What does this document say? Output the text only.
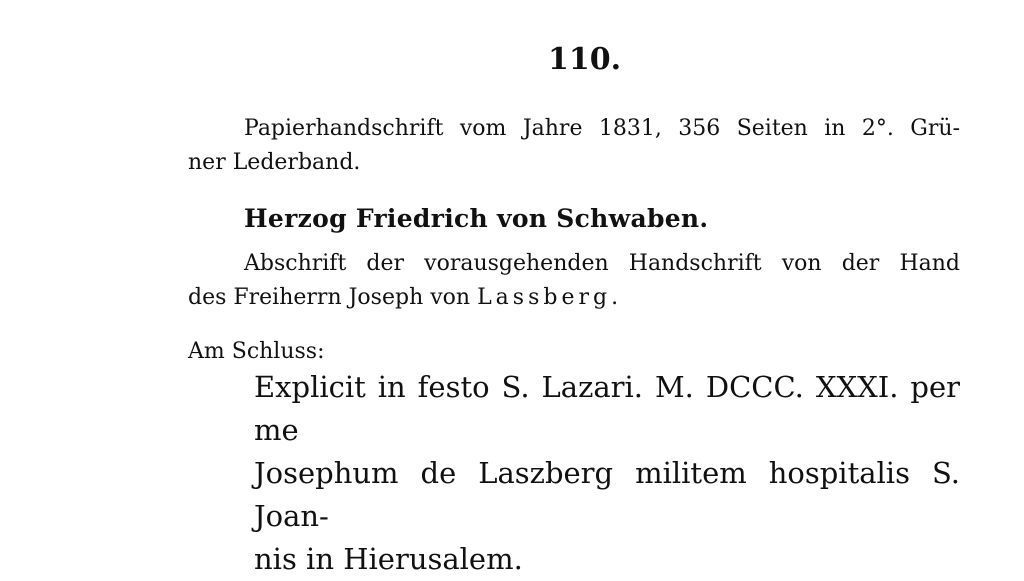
110.

Papierhandschrift vom Jahre 1831, 356 Seiten in 2°. Grü-
ner Lederband.

Herzog Friedrich von Schwaben.

Abschrift der vorausgehenden Handschrift von der Hand
des Freiherrn Joseph von Lassberg.

Am Schluss:

Explicit in festo S. Lazari. M. DCCC. XXXI. per me
Josephum de Laszberg militem hospitalis S. Joan-
nis in Hierusalem.
